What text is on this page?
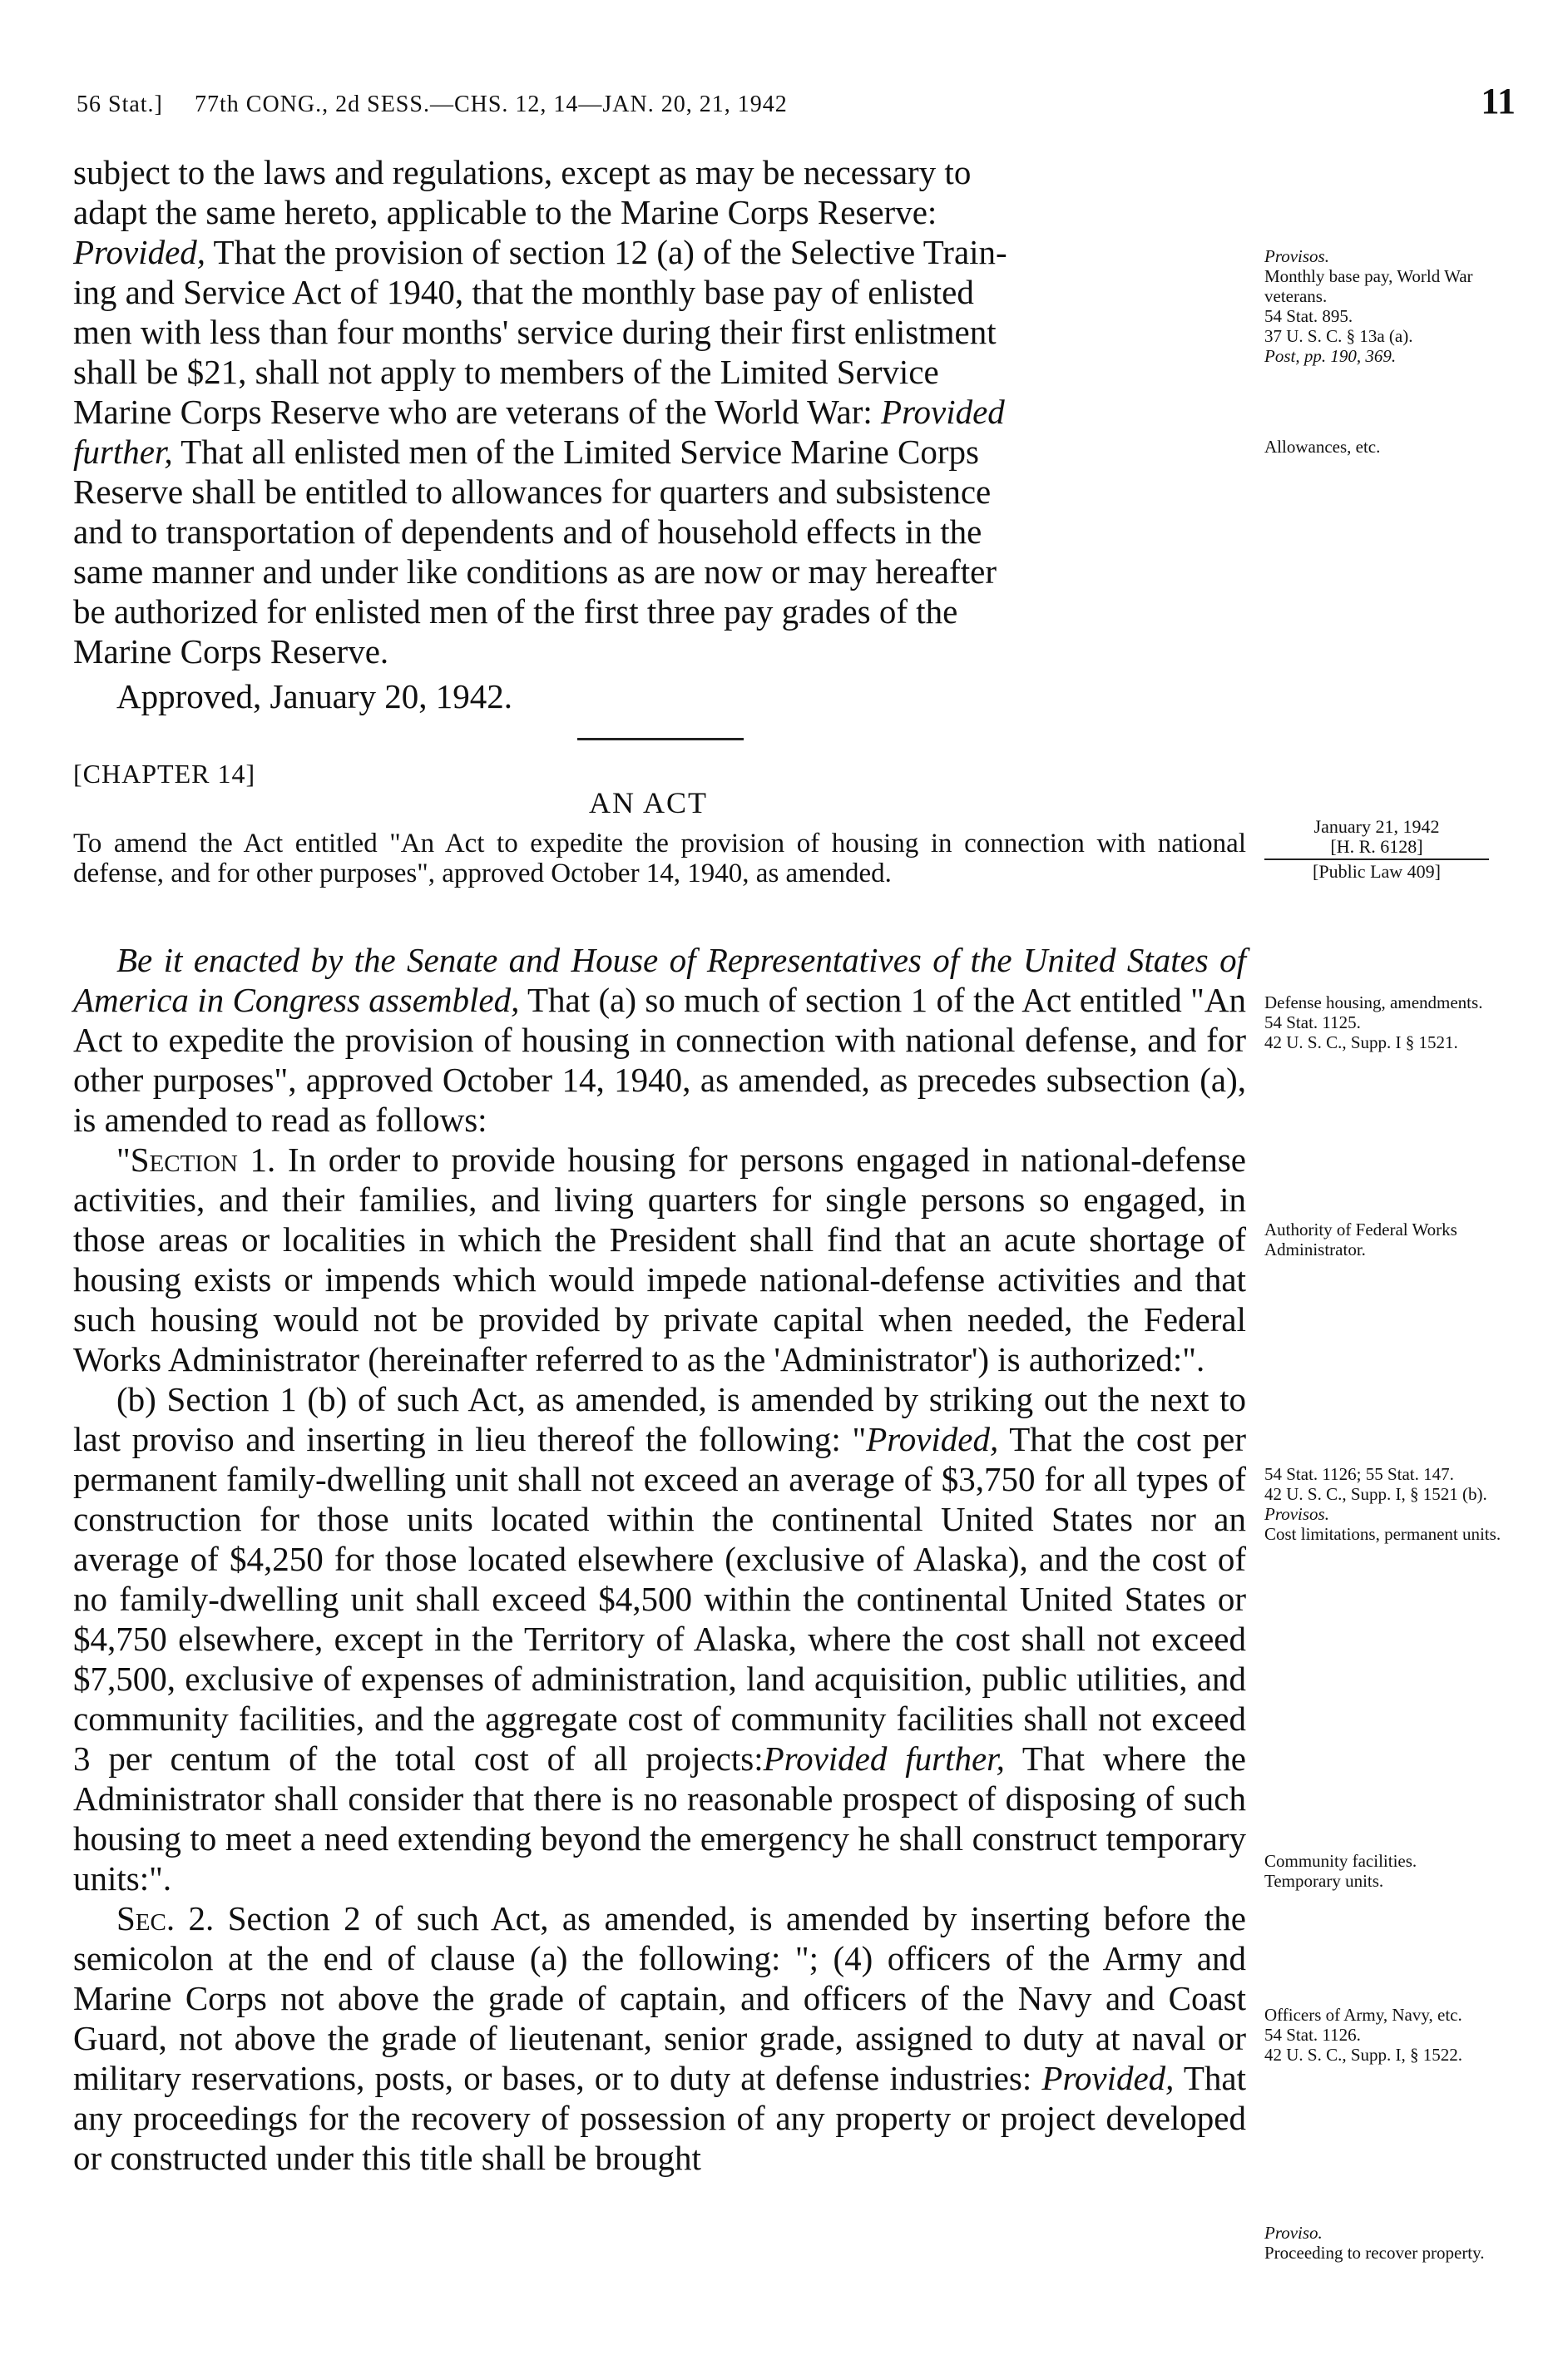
56 Stat.] 77th CONG., 2d SESS.—CHS. 12, 14—JAN. 20, 21, 1942	11

subject to the laws and regulations, except as may be necessary to

adapt the same hereto, applicable to the Marine Corps Reserve:

Provided, That the provision of section 12 (a) of the Selective Train-

ing and Service Act of 1940, that the monthly base pay of enlisted

men with less than four months' service during their first enlistment

shall be $21, shall not apply to members of the Limited Service

Marine Corps Reserve who are veterans of the World War: Provided

further, That all enlisted men of the Limited Service Marine Corps

Reserve shall be entitled to allowances for quarters and subsistence

and to transportation of dependents and of household effects in the

same manner and under like conditions as are now or may hereafter

be authorized for enlisted men of the first three pay grades of the

Marine Corps Reserve.

Approved, January 20, 1942.

Provisos.
Monthly base pay, World War veterans.
54 Stat. 895.
37 U. S. C. § 13a (a).
Post, pp. 190, 369.
Allowances, etc.
[CHAPTER 14]
AN ACT
To amend the Act entitled "An Act to expedite the provision of housing in connection with national defense, and for other purposes", approved October 14, 1940, as amended.
January 21, 1942
[H. R. 6128]
[Public Law 409]

Be it enacted by the Senate and House of Representatives of the United States of America in Congress assembled, That (a) so much of section 1 of the Act entitled "An Act to expedite the provision of housing in connection with national defense, and for other purposes", approved October 14, 1940, as amended, as precedes subsection (a), is amended to read as follows:

"Section 1. In order to provide housing for persons engaged in national-defense activities, and their families, and living quarters for single persons so engaged, in those areas or localities in which the President shall find that an acute shortage of housing exists or impends which would impede national-defense activities and that such housing would not be provided by private capital when needed, the Federal Works Administrator (hereinafter referred to as the 'Administrator') is authorized:".

(b) Section 1 (b) of such Act, as amended, is amended by striking out the next to last proviso and inserting in lieu thereof the following: "Provided, That the cost per permanent family-dwelling unit shall not exceed an average of $3,750 for all types of construction for those units located within the continental United States nor an average of $4,250 for those located elsewhere (exclusive of Alaska), and the cost of no family-dwelling unit shall exceed $4,500 within the continental United States or $4,750 elsewhere, except in the Territory of Alaska, where the cost shall not exceed $7,500, exclusive of expenses of administration, land acquisition, public utilities, and community facilities, and the aggregate cost of community facilities shall not exceed 3 per centum of the total cost of all projects:Provided further, That where the Administrator shall consider that there is no reasonable prospect of disposing of such housing to meet a need extending beyond the emergency he shall construct temporary units:".

Sec. 2. Section 2 of such Act, as amended, is amended by inserting before the semicolon at the end of clause (a) the following: "; (4) officers of the Army and Marine Corps not above the grade of captain, and officers of the Navy and Coast Guard, not above the grade of lieutenant, senior grade, assigned to duty at naval or military reservations, posts, or bases, or to duty at defense industries: Provided, That any proceedings for the recovery of possession of any property or project developed or constructed under this title shall be brought

Defense housing, amendments.
54 Stat. 1125.
42 U. S. C., Supp. I § 1521.
Authority of Federal Works Administrator.
54 Stat. 1126; 55 Stat. 147.
42 U. S. C., Supp. I, § 1521 (b).
Provisos.
Cost limitations, permanent units.
Community facilities.
Temporary units.
Officers of Army, Navy, etc.
54 Stat. 1126.
42 U. S. C., Supp. I, § 1522.
Proviso.
Proceeding to recover property.
